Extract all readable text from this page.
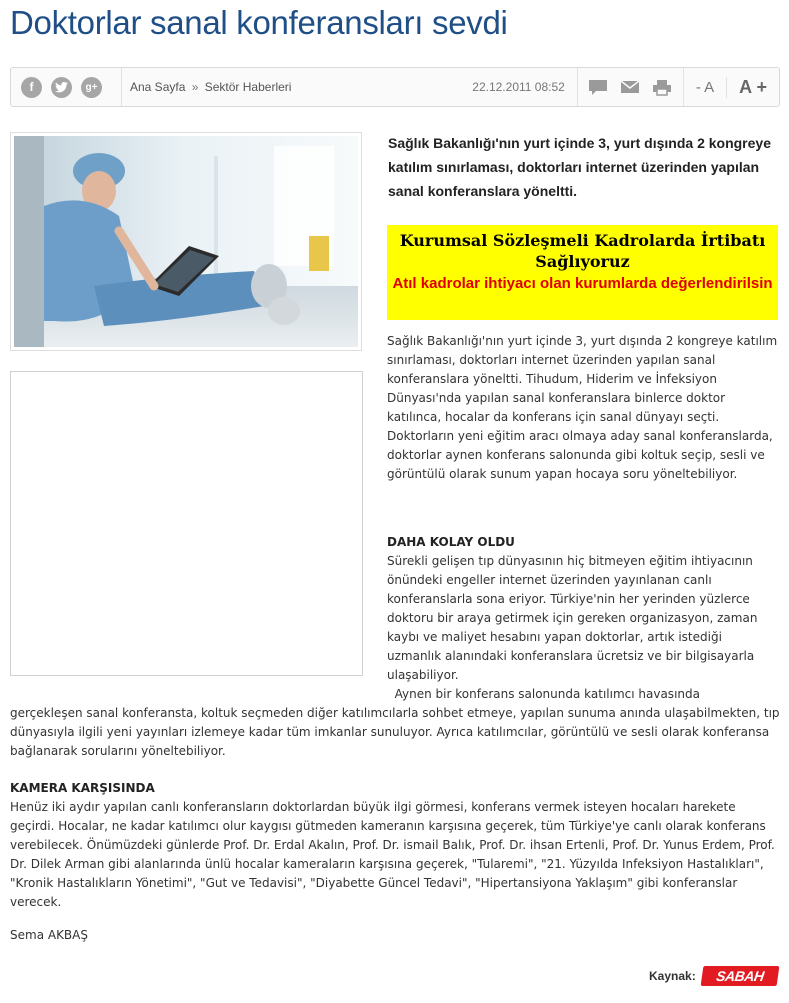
Doktorlar sanal konferansları sevdi
f	g+	Ana Sayfa » Sektör Haberleri	22.12.2011 08:52	- A	A +

Sağlık Bakanlığı'nın yurt içinde 3, yurt dışında 2 kongreye katılım sınırlaması, doktorları internet üzerinden yapılan sanal konferanslara yöneltti.

Kurumsal Sözleşmeli Kadrolarda İrtibatı Sağlıyoruz
Atıl kadrolar ihtiyacı olan kurumlarda değerlendirilsin

Sağlık Bakanlığı'nın yurt içinde 3, yurt dışında 2 kongreye katılım sınırlaması, doktorları internet üzerinden yapılan sanal konferanslara yöneltti. Tihudum, Hiderim ve İnfeksiyon Dünyası'nda yapılan sanal konferanslara binlerce doktor katılınca, hocalar da konferans için sanal dünyayı seçti. Doktorların yeni eğitim aracı olmaya aday sanal konferanslarda, doktorlar aynen konferans salonunda gibi koltuk seçip, sesli ve görüntülü olarak sunum yapan hocaya soru yöneltebiliyor.

DAHA KOLAY OLDU

Sürekli gelişen tıp dünyasının hiç bitmeyen eğitim ihtiyacının önündeki engeller internet üzerinden yayınlanan canlı konferanslarla sona eriyor. Türkiye'nin her yerinden yüzlerce doktoru bir araya getirmek için gereken organizasyon, zaman kaybı ve maliyet hesabını yapan doktorlar, artık istediği uzmanlık alanındaki konferanslara ücretsiz ve bir bilgisayarla ulaşabiliyor.
Aynen bir konferans salonunda katılımcı havasında

gerçekleşen sanal konferansta, koltuk seçmeden diğer katılımcılarla sohbet etmeye, yapılan sunuma anında ulaşabilmekten, tıp dünyasıyla ilgili yeni yayınları izlemeye kadar tüm imkanlar sunuluyor. Ayrıca katılımcılar, görüntülü ve sesli olarak konferansa bağlanarak sorularını yöneltebiliyor.

KAMERA KARŞISINDA

Henüz iki aydır yapılan canlı konferansların doktorlardan büyük ilgi görmesi, konferans vermek isteyen hocaları harekete geçirdi. Hocalar, ne kadar katılımcı olur kaygısı gütmeden kameranın karşısına geçerek, tüm Türkiye'ye canlı olarak konferans verebilecek. Önümüzdeki günlerde Prof. Dr. Erdal Akalın, Prof. Dr. ismail Balık, Prof. Dr. ihsan Ertenli, Prof. Dr. Yunus Erdem, Prof. Dr. Dilek Arman gibi alanlarında ünlü hocalar kameraların karşısına geçerek, "Tularemi", "21. Yüzyılda Infeksiyon Hastalıkları", "Kronik Hastalıkların Yönetimi", "Gut ve Tedavisi", "Diyabette Güncel Tedavi", "Hipertansiyona Yaklaşım" gibi konferanslar verecek.

Sema AKBAŞ
Kaynak:	SABAH
